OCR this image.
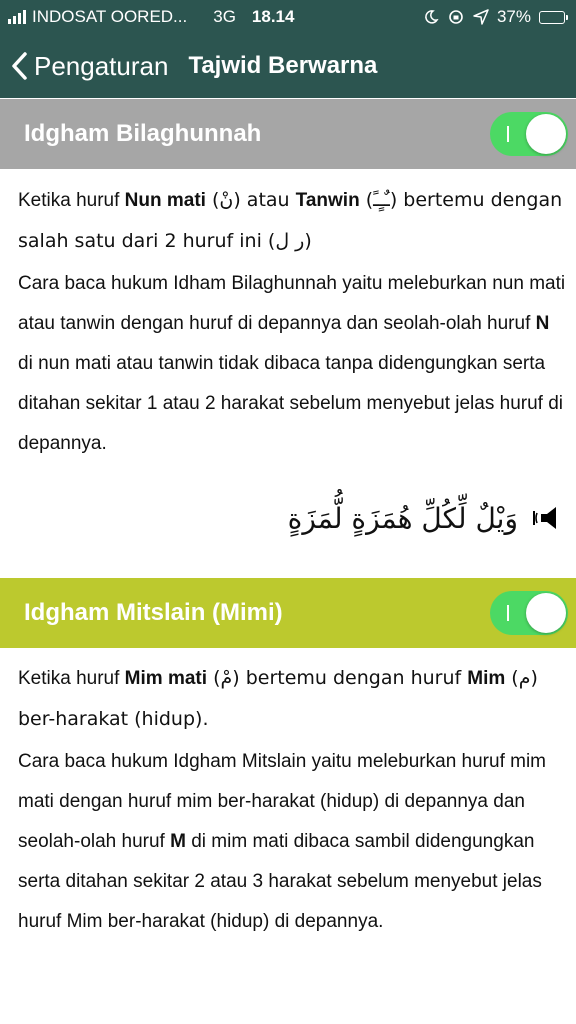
INDOSAT OORED... 3G 18.14	37%
Pengaturan Tajwid Berwarna
Idgham Bilaghunnah

Ketika huruf Nun mati (نْ) atau Tanwin (ـٌـٍـً) bertemu dengan salah satu dari 2 huruf ini (ر ل)

Cara baca hukum Idham Bilaghunnah yaitu meleburkan nun mati atau tanwin dengan huruf di depannya dan seolah-olah huruf N di nun mati atau tanwin tidak dibaca tanpa didengungkan serta ditahan sekitar 1 atau 2 harakat sebelum menyebut jelas huruf di depannya.

وَيْلٌ لِّكُلِّ هُمَزَةٍ لُّمَزَةٍ
Idgham Mitslain (Mimi)

Ketika huruf Mim mati (مْ) bertemu dengan huruf Mim (م) ber-harakat (hidup).

Cara baca hukum Idgham Mitslain yaitu meleburkan huruf mim mati dengan huruf mim ber-harakat (hidup) di depannya dan seolah-olah huruf M di mim mati dibaca sambil didengungkan serta ditahan sekitar 2 atau 3 harakat sebelum menyebut jelas huruf Mim ber-harakat (hidup) di depannya.
